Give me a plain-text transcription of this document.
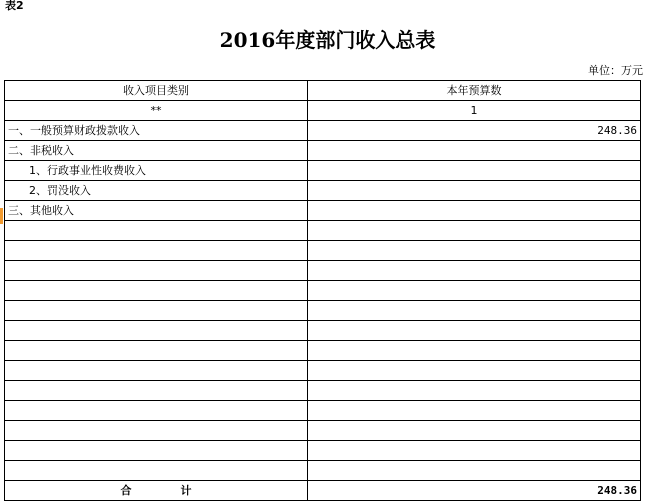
表2
2016年度部门收入总表
单位：万元
收入项目类别	本年预算数
**	1
一、一般预算财政拨款收入	248.36
二、非税收入	
1、行政事业性收费收入	
2、罚没收入	
三、其他收入	

合 计	248.36
